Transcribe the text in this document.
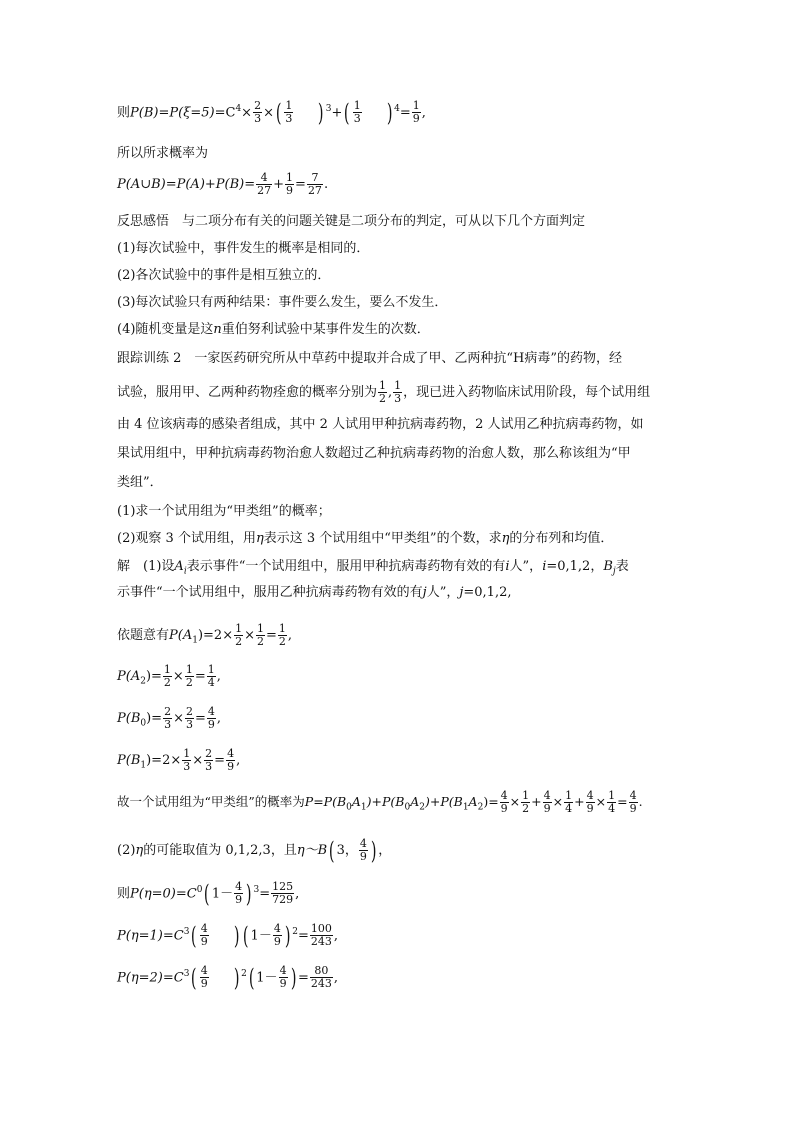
则$P(B)=P(\xi=5)=C^4\times \frac{2}{3}$ ×( $\frac{1}{3}$ ) $^3+( \frac{1}{3}$ ) $^4= \frac{1}{9}$ ,
所以所求概率为
P(A∪B)=P(A)+P(B)= $\frac{4}{27} + \frac{1}{9} = \frac{7}{27}$ .
反思感悟　与二项分布有关的问题关键是二项分布的判定，可从以下几个方面判定
(1)每次试验中，事件发生的概率是相同的．
(2)各次试验中的事件是相互独立的．
(3)每次试验只有两种结果：事件要么发生，要么不发生．
(4)随机变量是这n重伯努利试验中某事件发生的次数．
跟踪训练 2　一家医药研究所从中草药中提取并合成了甲、乙两种抗“H病毒”的药物，经
试验，服用甲、乙两种药物痊愈的概率分别为 $\frac{1}{2}$ , $\frac{1}{3}$ ，现已进入药物临床试用阶段，每个试用组
由 4 位该病毒的感染者组成，其中 2 人试用甲种抗病毒药物，2 人试用乙种抗病毒药物，如
果试用组中，甲种抗病毒药物治愈人数超过乙种抗病毒药物的治愈人数，那么称该组为“甲
类组”．
(1)求一个试用组为“甲类组”的概率；
(2)观察 3 个试用组，用η表示这 3 个试用组中“甲类组”的个数，求η的分布列和均值．
解　(1)设$A_i$表示事件“一个试用组中，服用甲种抗病毒药物有效的有i人”，i=0,1,2，$B_j$表
示事件“一个试用组中，服用乙种抗病毒药物有效的有j人”，j=0,1,2,
依题意有$P(A_1)=2\times \frac{1}{2} \times \frac{1}{2} = \frac{1}{2}$ ,
$P(A_2)= \frac{1}{2} \times \frac{1}{2} = \frac{1}{4}$ ,
$P(B_0)= \frac{2}{3} \times \frac{2}{3} = \frac{4}{9}$ ,
$P(B_1)=2\times \frac{1}{3} \times \frac{2}{3} = \frac{4}{9}$ ,
故一个试用组为“甲类组”的概率为$P=P(B_0A_1)+P(B_0A_2)+P(B_1A_2)= \frac{4}{9} \times \frac{1}{2} + \frac{4}{9} \times \frac{1}{4} + \frac{4}{9} \times \frac{1}{4} = \frac{4}{9}$ .
(2)η的可能取值为 0,1,2,3，且η～B( 3， $\frac{4}{9}$ ) ，
则$P(\eta=0)=C^0$( $1- \frac{4}{9}$ ) $^3= \frac{125}{729}$ ,
$P(\eta=1)=C^3( \frac{4}{9}$ ) ( $1- \frac{4}{9}$ ) $^2= \frac{100}{243}$ ,
$P(\eta=2)=C^3( \frac{4}{9}$ ) $^2$( $1- \frac{4}{9}$ ) = $\frac{80}{243}$ ,
